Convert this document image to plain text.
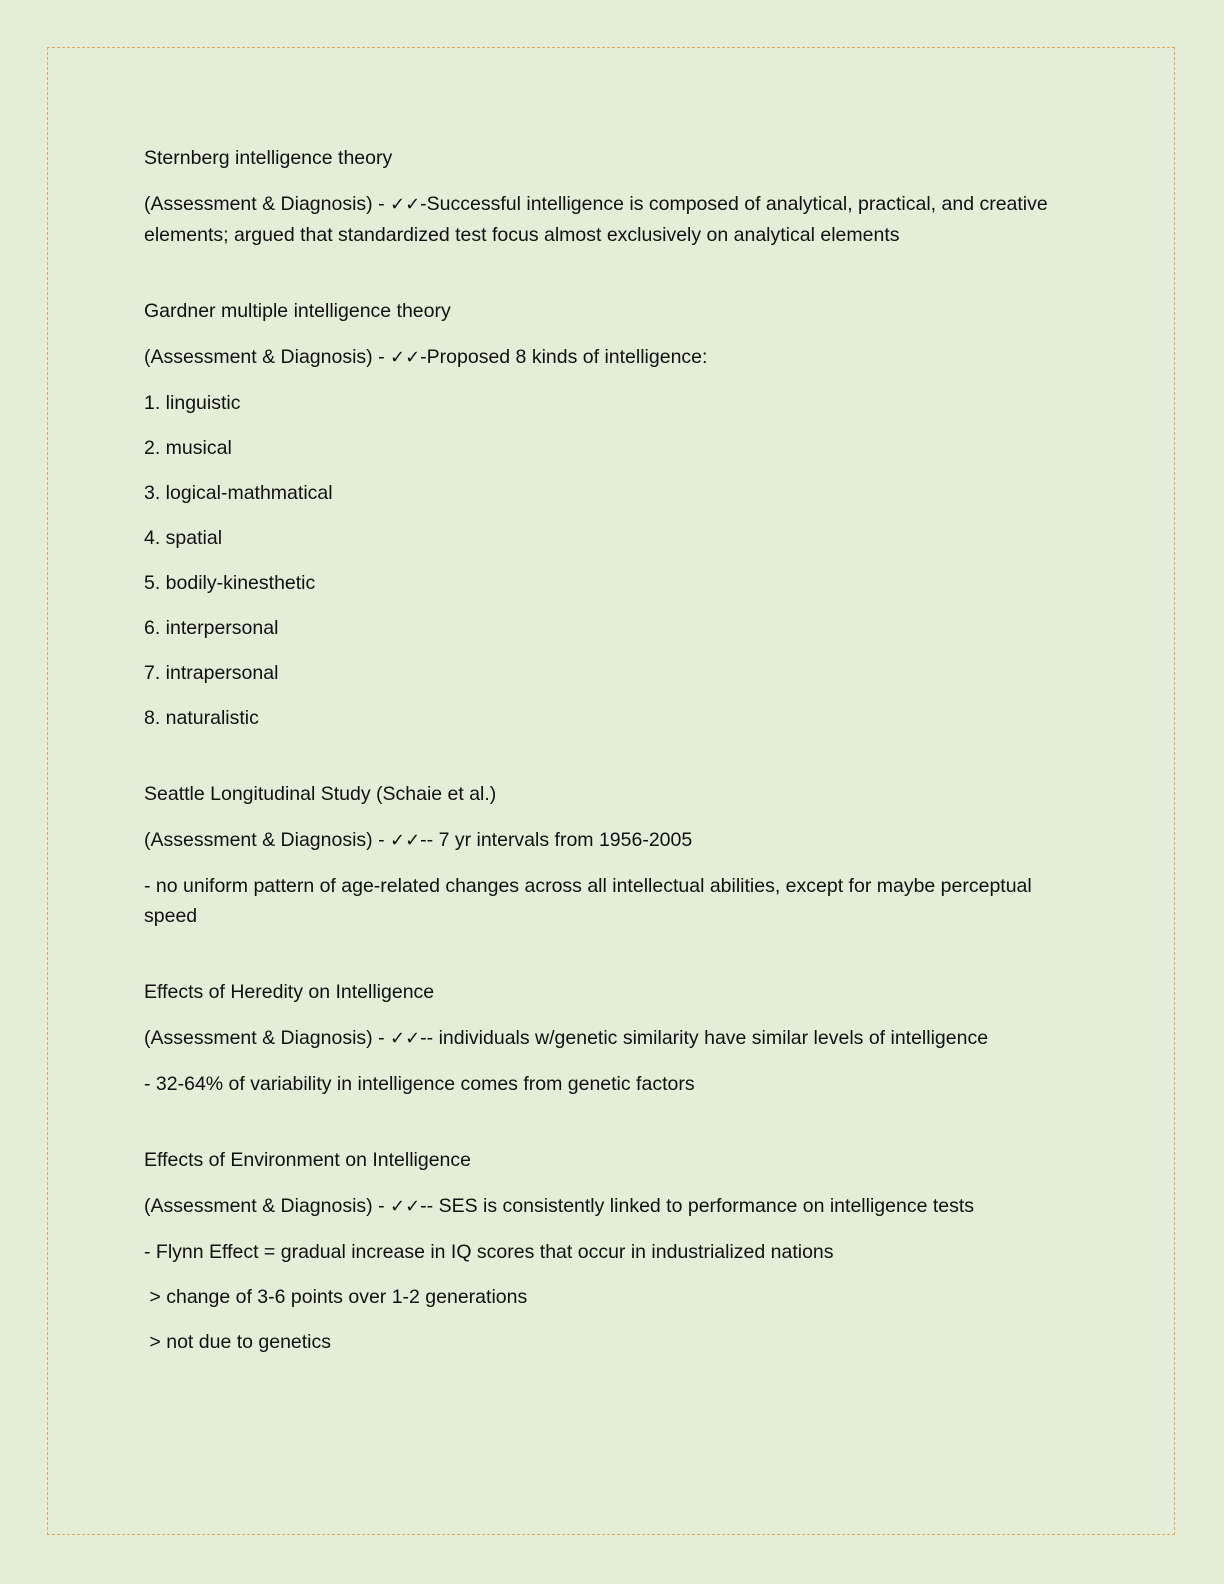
Sternberg intelligence theory
(Assessment & Diagnosis) - ✓✓-Successful intelligence is composed of analytical, practical, and creative elements; argued that standardized test focus almost exclusively on analytical elements
Gardner multiple intelligence theory
(Assessment & Diagnosis) - ✓✓-Proposed 8 kinds of intelligence:
1. linguistic
2. musical
3. logical-mathmatical
4. spatial
5. bodily-kinesthetic
6. interpersonal
7. intrapersonal
8. naturalistic
Seattle Longitudinal Study (Schaie et al.)
(Assessment & Diagnosis) - ✓✓-- 7 yr intervals from 1956-2005
- no uniform pattern of age-related changes across all intellectual abilities, except for maybe perceptual speed
Effects of Heredity on Intelligence
(Assessment & Diagnosis) - ✓✓-- individuals w/genetic similarity have similar levels of intelligence
- 32-64% of variability in intelligence comes from genetic factors
Effects of Environment on Intelligence
(Assessment & Diagnosis) - ✓✓-- SES is consistently linked to performance on intelligence tests
- Flynn Effect = gradual increase in IQ scores that occur in industrialized nations
> change of 3-6 points over 1-2 generations
> not due to genetics
